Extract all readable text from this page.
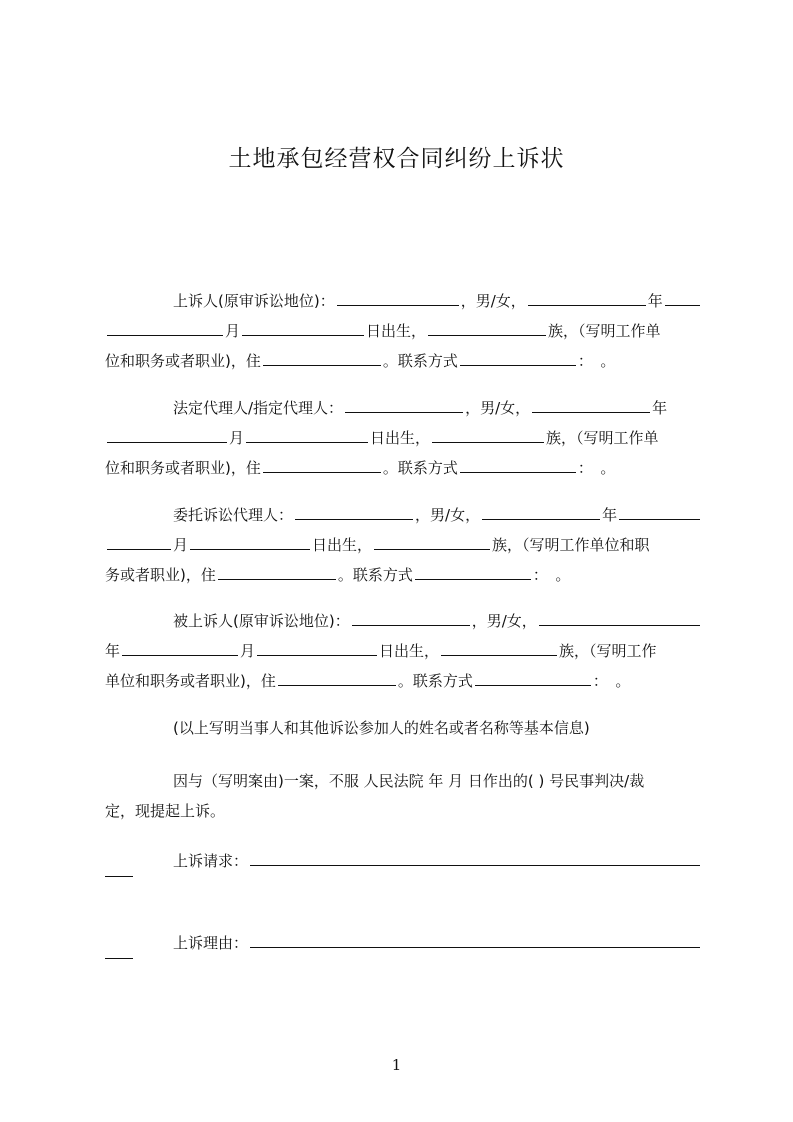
土地承包经营权合同纠纷上诉状
上诉人(原审诉讼地位)：	，男/女，	年
月	日出生，	族，（写明工作单
位和职务或者职业)，住	。联系方式	：　。
法定代理人/指定代理人：	，男/女，	年
月	日出生，	族，（写明工作单
位和职务或者职业)，住	。联系方式	：　。
委托诉讼代理人：	，男/女，	年
月	日出生，	族，（写明工作单位和职
务或者职业)，住	。联系方式	：　。
被上诉人(原审诉讼地位)：	，男/女，
年	月	日出生，	族，（写明工作
单位和职务或者职业)，住	。联系方式	：　。
(以上写明当事人和其他诉讼参加人的姓名或者名称等基本信息)
因与（写明案由)一案，不服 人民法院 年 月 日作出的( ) 号民事判决/裁
定，现提起上诉。
上诉请求：
上诉理由：
1
